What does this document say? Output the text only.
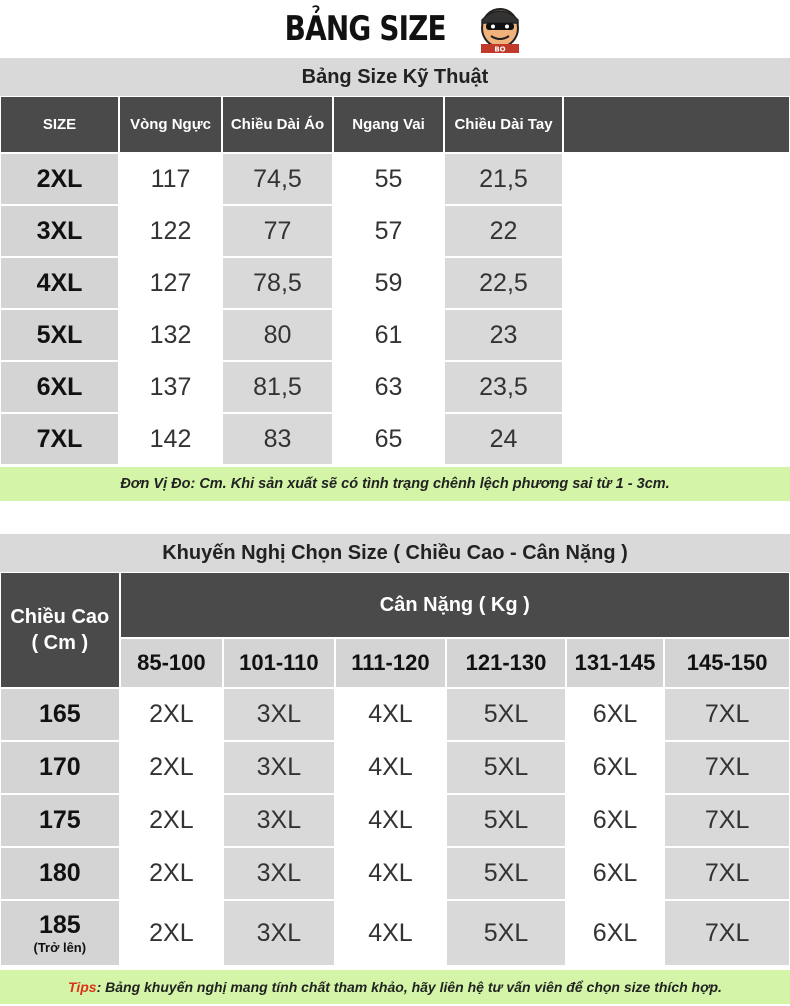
BẢNG SIZE
BO
Bảng Size Kỹ Thuật
SIZE	Vòng Ngực	Chiều Dài Áo	Ngang Vai	Chiều Dài Tay	
2XL	117	74,5	55	21,5	
3XL	122	77	57	22	
4XL	127	78,5	59	22,5	
5XL	132	80	61	23	
6XL	137	81,5	63	23,5	
7XL	142	83	65	24	
Đơn Vị Đo: Cm. Khi sản xuất sẽ có tình trạng chênh lệch phương sai từ 1 - 3cm.
Khuyến Nghị Chọn Size ( Chiều Cao - Cân Nặng )
Chiều Cao
( Cm )	Cân Nặng ( Kg )					
	85-100	101-110	111-120	121-130	131-145	145-150
165	2XL	3XL	4XL	5XL	6XL	7XL
170	2XL	3XL	4XL	5XL	6XL	7XL
175	2XL	3XL	4XL	5XL	6XL	7XL
180	2XL	3XL	4XL	5XL	6XL	7XL
185
(Trở lên)	2XL	3XL	4XL	5XL	6XL	7XL
Tips : Bảng khuyến nghị mang tính chất tham khảo, hãy liên hệ tư vấn viên để chọn size thích hợp.
